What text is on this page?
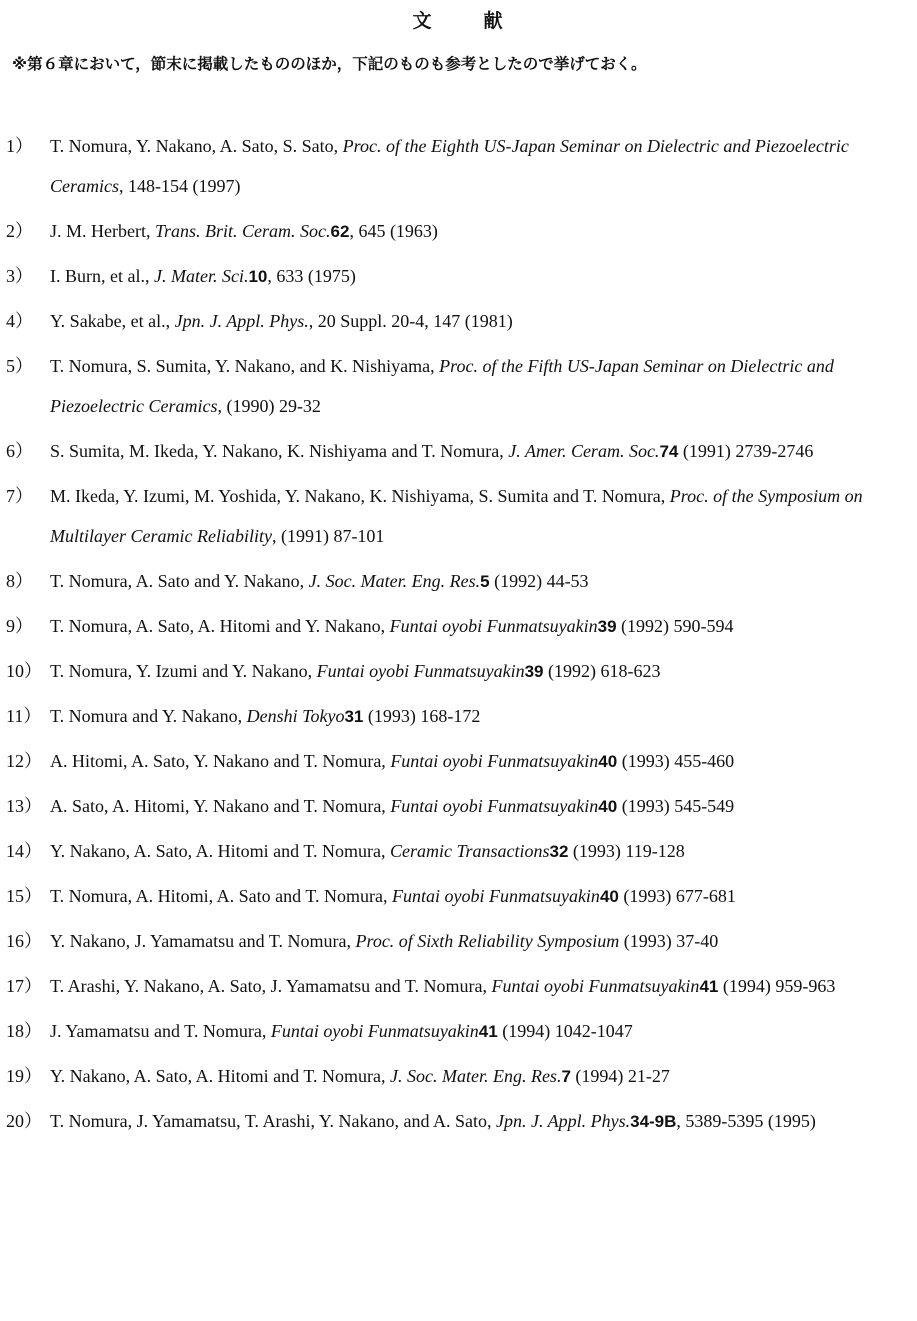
文	献
※第６章において，節末に掲載したもののほか，下記のものも参考としたので挙げておく。
1） T. Nomura, Y. Nakano, A. Sato, S. Sato, Proc. of the Eighth US-Japan Seminar on Dielectric and Piezoelectric Ceramics, 148-154 (1997)
2） J. M. Herbert, Trans. Brit. Ceram. Soc.62, 645 (1963)
3） I. Burn, et al., J. Mater. Sci.10, 633 (1975)
4） Y. Sakabe, et al., Jpn. J. Appl. Phys., 20 Suppl. 20-4, 147 (1981)
5） T. Nomura, S. Sumita, Y. Nakano, and K. Nishiyama, Proc. of the Fifth US-Japan Seminar on Dielectric and Piezoelectric Ceramics, (1990) 29-32
6） S. Sumita, M. Ikeda, Y. Nakano, K. Nishiyama and T. Nomura, J. Amer. Ceram. Soc.74 (1991) 2739-2746
7） M. Ikeda, Y. Izumi, M. Yoshida, Y. Nakano, K. Nishiyama, S. Sumita and T. Nomura, Proc. of the Symposium on Multilayer Ceramic Reliability, (1991) 87-101
8） T. Nomura, A. Sato and Y. Nakano, J. Soc. Mater. Eng. Res.5 (1992) 44-53
9） T. Nomura, A. Sato, A. Hitomi and Y. Nakano, Funtai oyobi Funmatsuyakin39 (1992) 590-594
10） T. Nomura, Y. Izumi and Y. Nakano, Funtai oyobi Funmatsuyakin39 (1992) 618-623
11） T. Nomura and Y. Nakano, Denshi Tokyo31 (1993) 168-172
12） A. Hitomi, A. Sato, Y. Nakano and T. Nomura, Funtai oyobi Funmatsuyakin40 (1993) 455-460
13） A. Sato, A. Hitomi, Y. Nakano and T. Nomura, Funtai oyobi Funmatsuyakin40 (1993) 545-549
14） Y. Nakano, A. Sato, A. Hitomi and T. Nomura, Ceramic Transactions32 (1993) 119-128
15） T. Nomura, A. Hitomi, A. Sato and T. Nomura, Funtai oyobi Funmatsuyakin40 (1993) 677-681
16） Y. Nakano, J. Yamamatsu and T. Nomura, Proc. of Sixth Reliability Symposium (1993) 37-40
17） T. Arashi, Y. Nakano, A. Sato, J. Yamamatsu and T. Nomura, Funtai oyobi Funmatsuyakin41 (1994) 959-963
18） J. Yamamatsu and T. Nomura, Funtai oyobi Funmatsuyakin41 (1994) 1042-1047
19） Y. Nakano, A. Sato, A. Hitomi and T. Nomura, J. Soc. Mater. Eng. Res.7 (1994) 21-27
20） T. Nomura, J. Yamamatsu, T. Arashi, Y. Nakano, and A. Sato, Jpn. J. Appl. Phys.34-9B, 5389-5395 (1995)
